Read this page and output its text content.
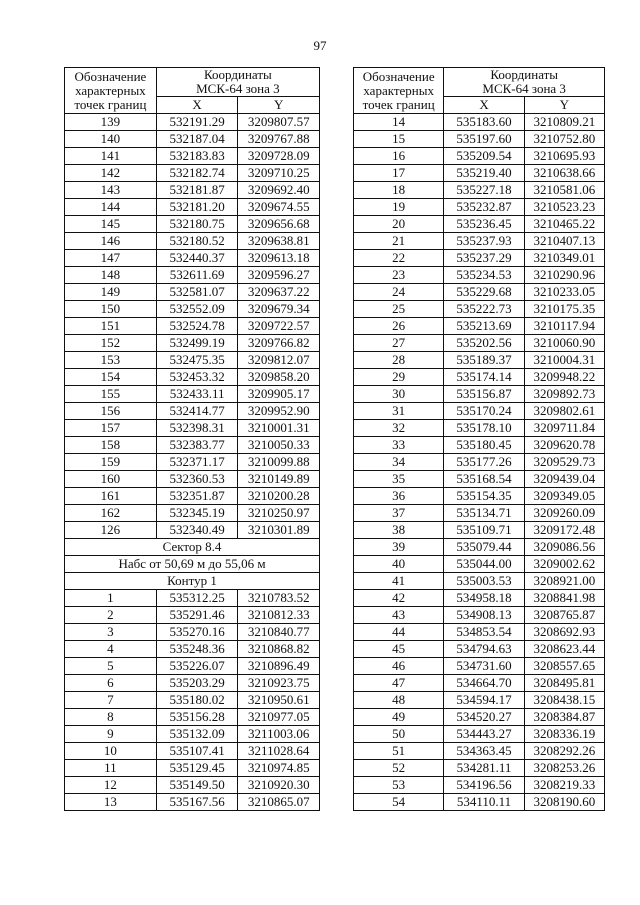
97
Обозначение
характерных
точек границ	Координаты
МСК-64 зона 3	
	X	Y
139	532191.29	3209807.57
140	532187.04	3209767.88
141	532183.83	3209728.09
142	532182.74	3209710.25
143	532181.87	3209692.40
144	532181.20	3209674.55
145	532180.75	3209656.68
146	532180.52	3209638.81
147	532440.37	3209613.18
148	532611.69	3209596.27
149	532581.07	3209637.22
150	532552.09	3209679.34
151	532524.78	3209722.57
152	532499.19	3209766.82
153	532475.35	3209812.07
154	532453.32	3209858.20
155	532433.11	3209905.17
156	532414.77	3209952.90
157	532398.31	3210001.31
158	532383.77	3210050.33
159	532371.17	3210099.88
160	532360.53	3210149.89
161	532351.87	3210200.28
162	532345.19	3210250.97
126	532340.49	3210301.89
Сектор 8.4		
Набс от 50,69 м до 55,06 м		
Контур 1		
1	535312.25	3210783.52
2	535291.46	3210812.33
3	535270.16	3210840.77
4	535248.36	3210868.82
5	535226.07	3210896.49
6	535203.29	3210923.75
7	535180.02	3210950.61
8	535156.28	3210977.05
9	535132.09	3211003.06
10	535107.41	3211028.64
11	535129.45	3210974.85
12	535149.50	3210920.30
13	535167.56	3210865.07
Обозначение
характерных
точек границ	Координаты
МСК-64 зона 3	
	X	Y
14	535183.60	3210809.21
15	535197.60	3210752.80
16	535209.54	3210695.93
17	535219.40	3210638.66
18	535227.18	3210581.06
19	535232.87	3210523.23
20	535236.45	3210465.22
21	535237.93	3210407.13
22	535237.29	3210349.01
23	535234.53	3210290.96
24	535229.68	3210233.05
25	535222.73	3210175.35
26	535213.69	3210117.94
27	535202.56	3210060.90
28	535189.37	3210004.31
29	535174.14	3209948.22
30	535156.87	3209892.73
31	535170.24	3209802.61
32	535178.10	3209711.84
33	535180.45	3209620.78
34	535177.26	3209529.73
35	535168.54	3209439.04
36	535154.35	3209349.05
37	535134.71	3209260.09
38	535109.71	3209172.48
39	535079.44	3209086.56
40	535044.00	3209002.62
41	535003.53	3208921.00
42	534958.18	3208841.98
43	534908.13	3208765.87
44	534853.54	3208692.93
45	534794.63	3208623.44
46	534731.60	3208557.65
47	534664.70	3208495.81
48	534594.17	3208438.15
49	534520.27	3208384.87
50	534443.27	3208336.19
51	534363.45	3208292.26
52	534281.11	3208253.26
53	534196.56	3208219.33
54	534110.11	3208190.60
